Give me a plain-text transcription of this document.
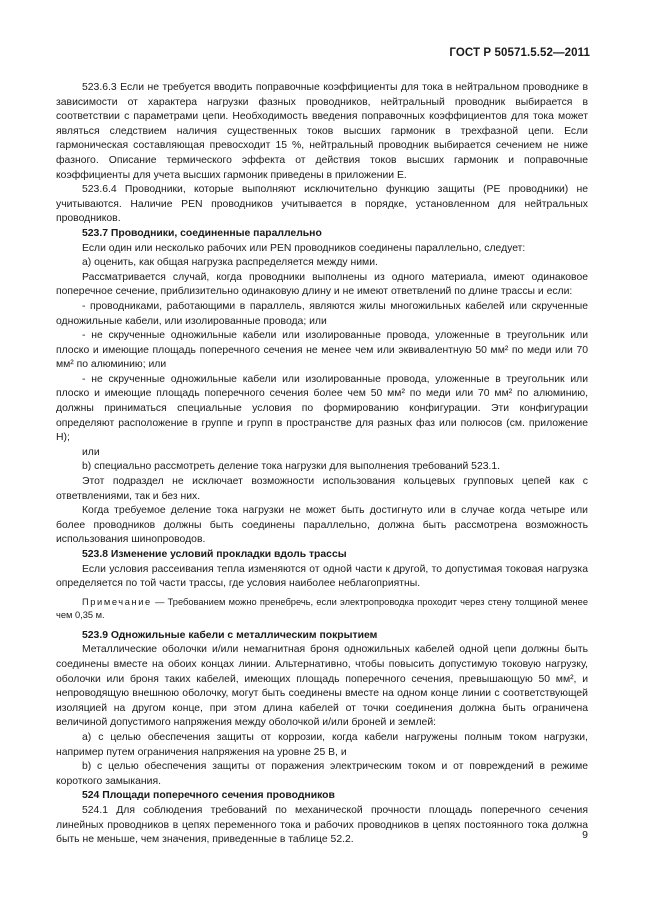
ГОСТ Р 50571.5.52—2011

523.6.3 Если не требуется вводить поправочные коэффициенты для тока в нейтральном проводнике в зависимости от характера нагрузки фазных проводников, нейтральный проводник выбирается в соответствии с параметрами цепи. Необходимость введения поправочных коэффициентов для тока может являться следствием наличия существенных токов высших гармоник в трехфазной цепи. Если гармоническая составляющая превосходит 15 %, нейтральный проводник выбирается сечением не ниже фазного. Описание термического эффекта от действия токов высших гармоник и поправочные коэффициенты для учета высших гармоник приведены в приложении Е.

523.6.4 Проводники, которые выполняют исключительно функцию защиты (РЕ проводники) не учитываются. Наличие PEN проводников учитывается в порядке, установленном для нейтральных проводников.

523.7 Проводники, соединенные параллельно

Если один или несколько рабочих или PEN проводников соединены параллельно, следует:

а) оценить, как общая нагрузка распределяется между ними.

Рассматривается случай, когда проводники выполнены из одного материала, имеют одинаковое поперечное сечение, приблизительно одинаковую длину и не имеют ответвлений по длине трассы и если:

- проводниками, работающими в параллель, являются жилы многожильных кабелей или скрученные одножильные кабели, или изолированные провода; или

- не скрученные одножильные кабели или изолированные провода, уложенные в треугольник или плоско и имеющие площадь поперечного сечения не менее чем или эквивалентную 50 мм² по меди или 70 мм² по алюминию; или

- не скрученные одножильные кабели или изолированные провода, уложенные в треугольник или плоско и имеющие площадь поперечного сечения более чем 50 мм² по меди или 70 мм² по алюминию, должны приниматься специальные условия по формированию конфигурации. Эти конфигурации определяют расположение в группе и групп в пространстве для разных фаз или полюсов (см. приложение Н);

или

b) специально рассмотреть деление тока нагрузки для выполнения требований 523.1.

Этот подраздел не исключает возможности использования кольцевых групповых цепей как с ответвлениями, так и без них.

Когда требуемое деление тока нагрузки не может быть достигнуто или в случае когда четыре или более проводников должны быть соединены параллельно, должна быть рассмотрена возможность использования шинопроводов.

523.8 Изменение условий прокладки вдоль трассы

Если условия рассеивания тепла изменяются от одной части к другой, то допустимая токовая нагрузка определяется по той части трассы, где условия наиболее неблагоприятны.

Примечание — Требованием можно пренебречь, если электропроводка проходит через стену толщиной менее чем 0,35 м.

523.9 Одножильные кабели с металлическим покрытием

Металлические оболочки и/или немагнитная броня одножильных кабелей одной цепи должны быть соединены вместе на обоих концах линии. Альтернативно, чтобы повысить допустимую токовую нагрузку, оболочки или броня таких кабелей, имеющих площадь поперечного сечения, превышающую 50 мм², и непроводящую внешнюю оболочку, могут быть соединены вместе на одном конце линии с соответствующей изоляцией на другом конце, при этом длина кабелей от точки соединения должна быть ограничена величиной допустимого напряжения между оболочкой и/или броней и землей:

а) с целью обеспечения защиты от коррозии, когда кабели нагружены полным током нагрузки, например путем ограничения напряжения на уровне 25 В, и

b) с целью обеспечения защиты от поражения электрическим током и от повреждений в режиме короткого замыкания.

524 Площади поперечного сечения проводников

524.1 Для соблюдения требований по механической прочности площадь поперечного сечения линейных проводников в цепях переменного тока и рабочих проводников в цепях постоянного тока должна быть не меньше, чем значения, приведенные в таблице 52.2.	9
